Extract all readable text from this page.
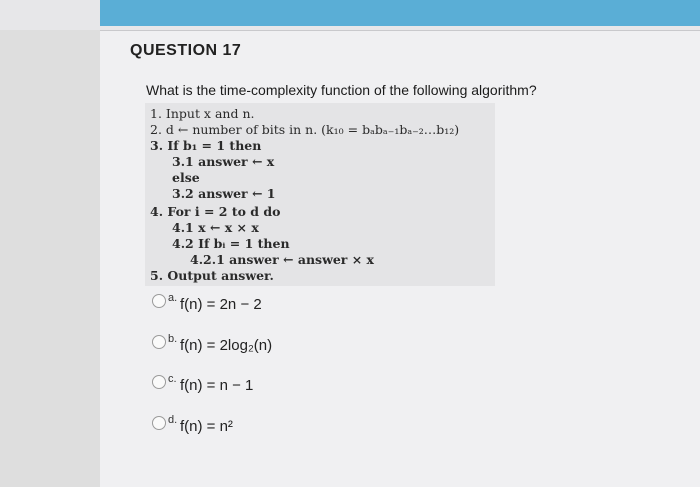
QUESTION 17
What is the time-complexity function of the following algorithm?
1. Input x and n.
2. d ← number of bits in n. (k₁₀ = bₐbₐ₋₁bₐ₋₂…b₁₂)
3. If b₁ = 1 then
3.1 answer ← x
else
3.2 answer ← 1
4. For i = 2 to d do
4.1 x ← x × x
4.2 If bᵢ = 1 then
4.2.1 answer ← answer × x
5. Output answer.
a. f(n) = 2n − 2
b. f(n) = 2log₂(n)
c. f(n) = n − 1
d. f(n) = n²
